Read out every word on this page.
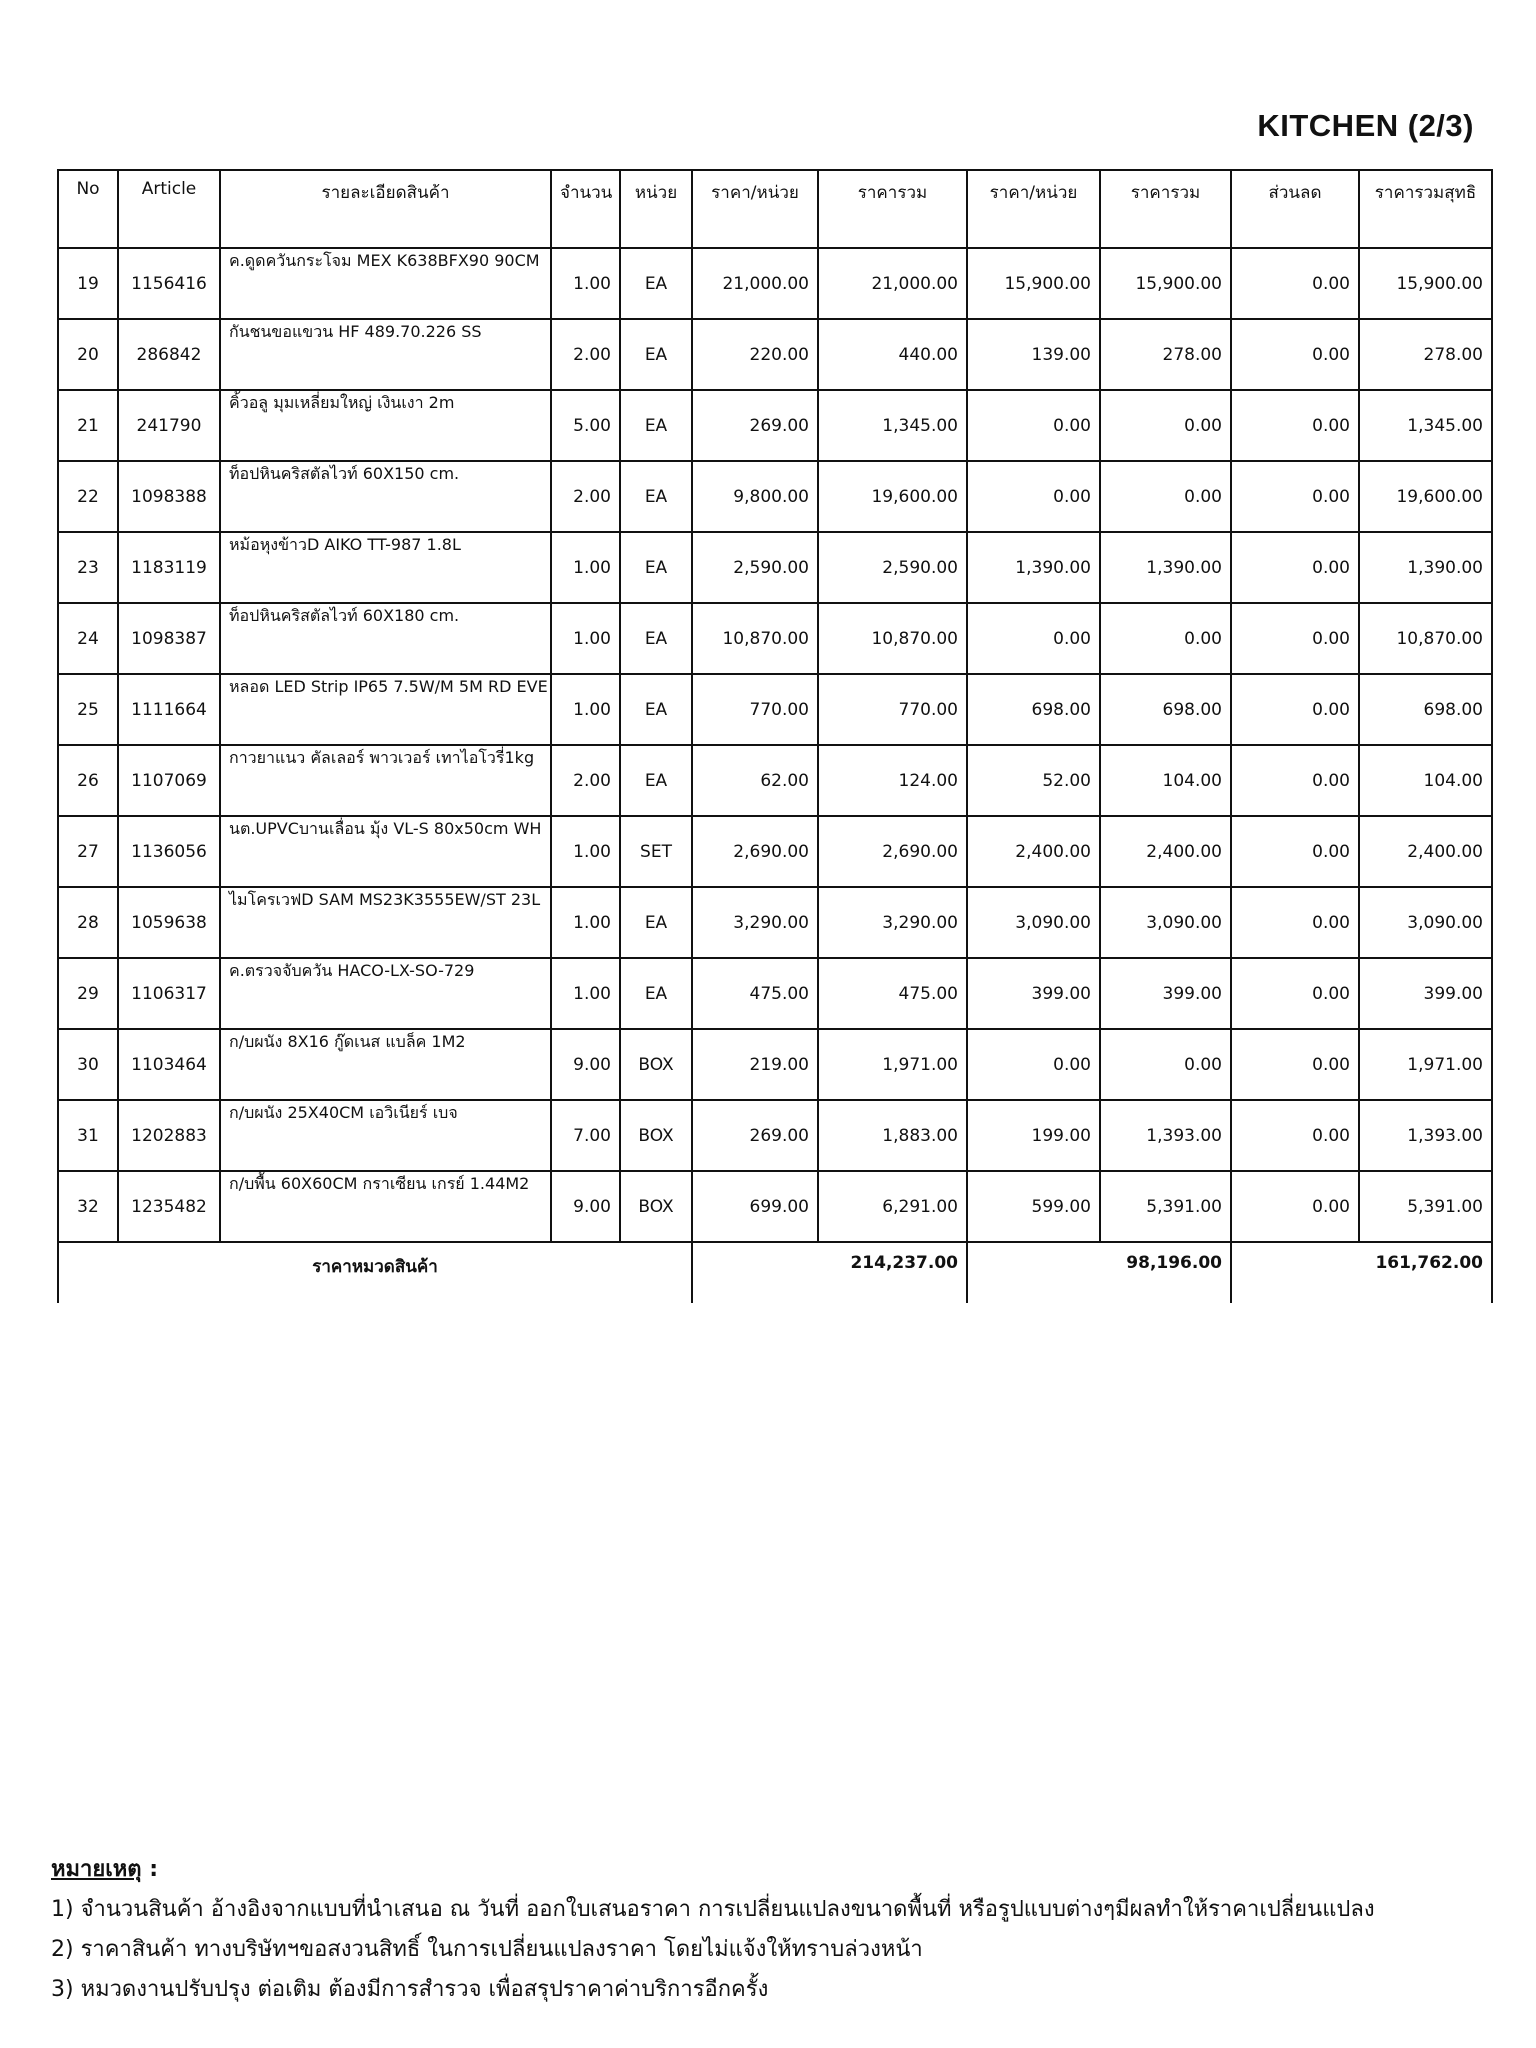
KITCHEN (2/3)
No	Article	รายละเอียดสินค้า	จำนวน	หน่วย	ราคา/หน่วย	ราคารวม	ราคา/หน่วย	ราคารวม	ส่วนลด	ราคารวมสุทธิ
19	1156416	ค.ดูดควันกระโจม MEX K638BFX90 90CM	1.00	EA	21,000.00	21,000.00	15,900.00	15,900.00	0.00	15,900.00
20	286842	กันชนขอแขวน HF 489.70.226 SS	2.00	EA	220.00	440.00	139.00	278.00	0.00	278.00
21	241790	คิ้วอลู มุมเหลี่ยมใหญ่ เงินเงา 2m	5.00	EA	269.00	1,345.00	0.00	0.00	0.00	1,345.00
22	1098388	ท็อปหินคริสตัลไวท์ 60X150 cm.	2.00	EA	9,800.00	19,600.00	0.00	0.00	0.00	19,600.00
23	1183119	หม้อหุงข้าวD AIKO TT-987 1.8L	1.00	EA	2,590.00	2,590.00	1,390.00	1,390.00	0.00	1,390.00
24	1098387	ท็อปหินคริสตัลไวท์ 60X180 cm.	1.00	EA	10,870.00	10,870.00	0.00	0.00	0.00	10,870.00
25	1111664	หลอด LED Strip IP65 7.5W/M 5M RD EVE	1.00	EA	770.00	770.00	698.00	698.00	0.00	698.00
26	1107069	กาวยาแนว คัลเลอร์ พาวเวอร์ เทาไอโวรี่1kg	2.00	EA	62.00	124.00	52.00	104.00	0.00	104.00
27	1136056	นต.UPVCบานเลื่อน มุ้ง VL-S 80x50cm WH	1.00	SET	2,690.00	2,690.00	2,400.00	2,400.00	0.00	2,400.00
28	1059638	ไมโครเวฟD SAM MS23K3555EW/ST 23L	1.00	EA	3,290.00	3,290.00	3,090.00	3,090.00	0.00	3,090.00
29	1106317	ค.ตรวจจับควัน HACO-LX-SO-729	1.00	EA	475.00	475.00	399.00	399.00	0.00	399.00
30	1103464	ก/บผนัง 8X16 กู๊ดเนส แบล็ค 1M2	9.00	BOX	219.00	1,971.00	0.00	0.00	0.00	1,971.00
31	1202883	ก/บผนัง 25X40CM เอวิเนียร์ เบจ	7.00	BOX	269.00	1,883.00	199.00	1,393.00	0.00	1,393.00
32	1235482	ก/บพื้น 60X60CM กราเซียน เกรย์ 1.44M2	9.00	BOX	699.00	6,291.00	599.00	5,391.00	0.00	5,391.00
ราคาหมวดสินค้า					214,237.00		98,196.00		161,762.00	
หมายเหตุ :
1) จำนวนสินค้า อ้างอิงจากแบบที่นำเสนอ ณ วันที่ ออกใบเสนอราคา การเปลี่ยนแปลงขนาดพื้นที่ หรือรูปแบบต่างๆมีผลทำให้ราคาเปลี่ยนแปลง
2) ราคาสินค้า ทางบริษัทฯขอสงวนสิทธิ์ ในการเปลี่ยนแปลงราคา โดยไม่แจ้งให้ทราบล่วงหน้า
3) หมวดงานปรับปรุง ต่อเติม ต้องมีการสำรวจ เพื่อสรุปราคาค่าบริการอีกครั้ง
